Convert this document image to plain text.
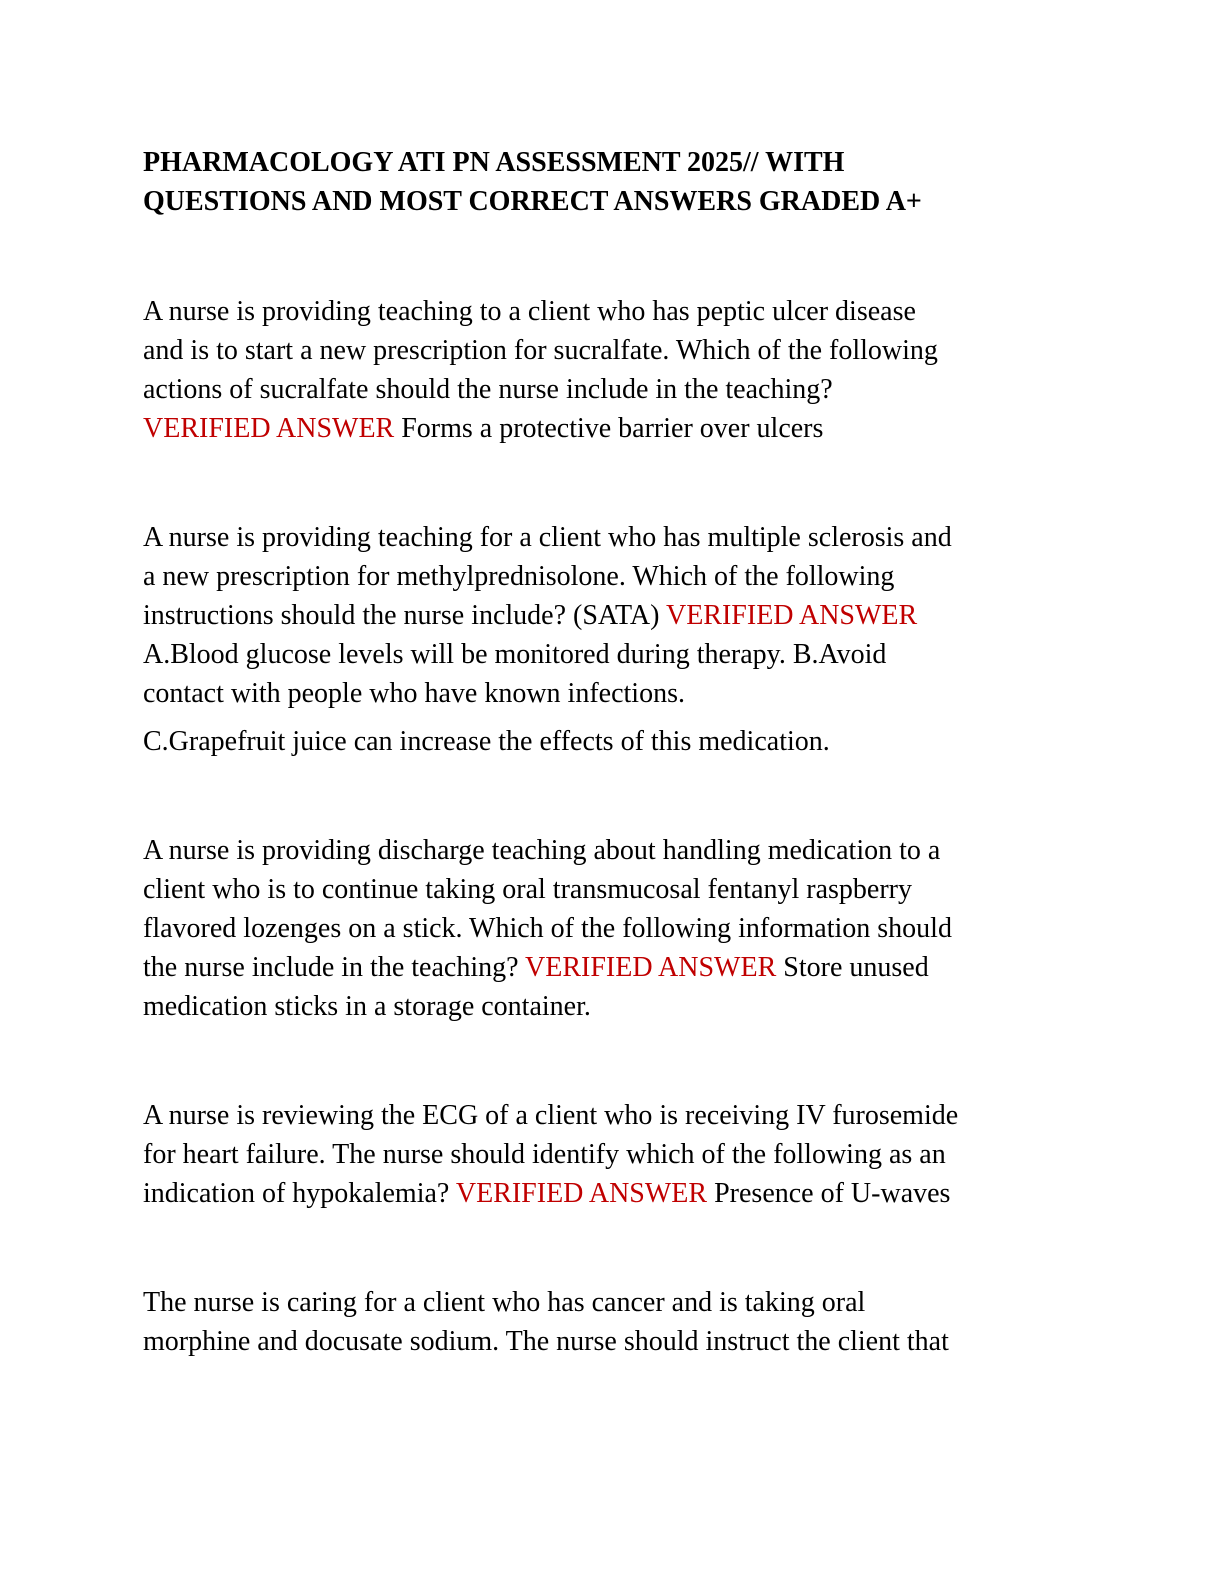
PHARMACOLOGY ATI PN ASSESSMENT 2025// WITH
QUESTIONS AND MOST CORRECT ANSWERS GRADED A+
A nurse is providing teaching to a client who has peptic ulcer disease
and is to start a new prescription for sucralfate. Which of the following
actions of sucralfate should the nurse include in the teaching?
VERIFIED ANSWER Forms a protective barrier over ulcers
A nurse is providing teaching for a client who has multiple sclerosis and
a new prescription for methylprednisolone. Which of the following
instructions should the nurse include? (SATA) VERIFIED ANSWER
A.Blood glucose levels will be monitored during therapy. B.Avoid
contact with people who have known infections.
C.Grapefruit juice can increase the effects of this medication.
A nurse is providing discharge teaching about handling medication to a
client who is to continue taking oral transmucosal fentanyl raspberry
flavored lozenges on a stick. Which of the following information should
the nurse include in the teaching? VERIFIED ANSWER Store unused
medication sticks in a storage container.
A nurse is reviewing the ECG of a client who is receiving IV furosemide
for heart failure. The nurse should identify which of the following as an
indication of hypokalemia? VERIFIED ANSWER Presence of U-waves
The nurse is caring for a client who has cancer and is taking oral
morphine and docusate sodium. The nurse should instruct the client that
